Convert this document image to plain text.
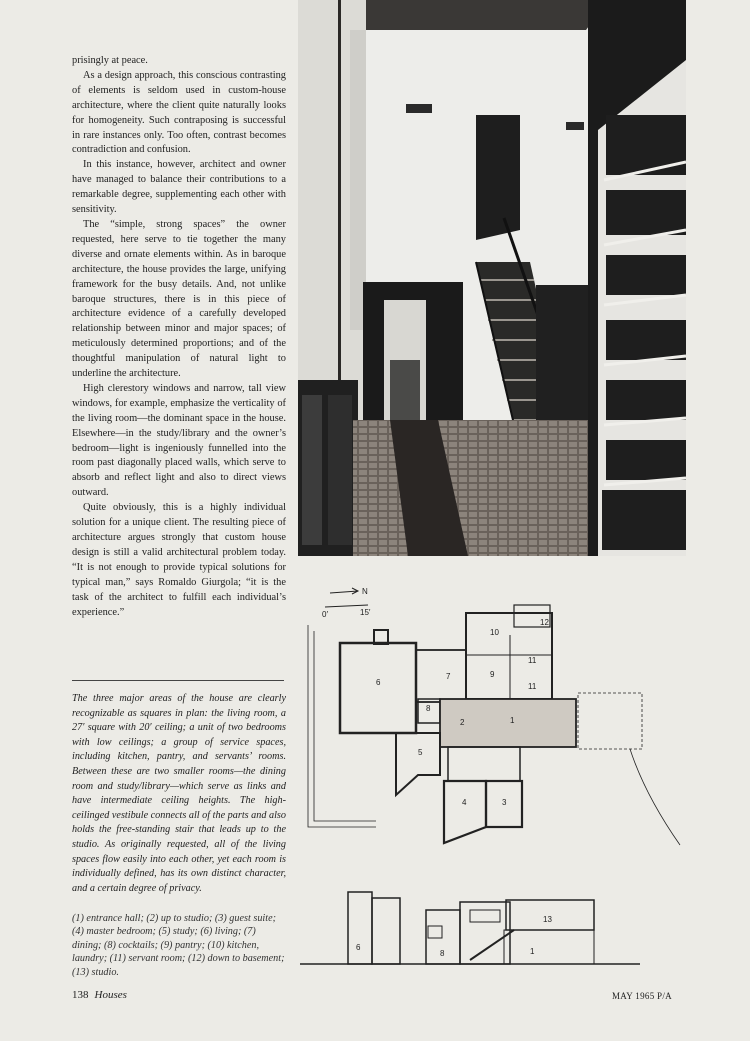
prisingly at peace.

As a design approach, this conscious contrasting of elements is seldom used in custom-house architecture, where the client quite naturally looks for homogeneity. Such contraposing is successful in rare instances only. Too often, contrast becomes contradiction and confusion.

In this instance, however, architect and owner have managed to balance their contributions to a remarkable degree, supplementing each other with sensitivity.

The “simple, strong spaces” the owner requested, here serve to tie together the many diverse and ornate elements within. As in baroque architecture, the house provides the large, unifying framework for the busy details. And, not unlike baroque structures, there is in this piece of architecture evidence of a carefully developed relationship between minor and major spaces; of meticulously determined proportions; and of the thoughtful manipulation of natural light to underline the architecture.

High clerestory windows and narrow, tall view windows, for example, emphasize the verticality of the living room—the dominant space in the house. Elsewhere—in the study/library and the owner’s bedroom—light is ingeniously funnelled into the room past diagonally placed walls, which serve to absorb and reflect light and also to direct views outward.

Quite obviously, this is a highly individual solution for a unique client. The resulting piece of architecture argues strongly that custom house design is still a valid architectural problem today. “It is not enough to provide typical solutions for typical man,” says Romaldo Giurgola; “it is the task of the architect to fulfill each individual’s experience.”

The three major areas of the house are clearly recognizable as squares in plan: the living room, a 27′ square with 20′ ceiling; a unit of two bedrooms with low ceilings; a group of service spaces, including kitchen, pantry, and servants’ rooms. Between these are two smaller rooms—the dining room and study/library—which serve as links and have intermediate ceiling heights. The high-ceilinged vestibule connects all of the parts and also holds the free-standing stair that leads up to the studio. As originally requested, all of the living spaces flow easily into each other, yet each room is individually defined, has its own distinct character, and a certain degree of privacy.
(1) entrance hall; (2) up to studio; (3) guest suite; (4) master bedroom; (5) study; (6) living; (7) dining; (8) cocktails; (9) pantry; (10) kitchen, laundry; (11) servant room; (12) down to basement; (13) studio.
N
0′	15′
1
2
3
4
5
6
7
8
9
10
11
11
12
6
8	1
13
138 Houses	MAY 1965 P/A
